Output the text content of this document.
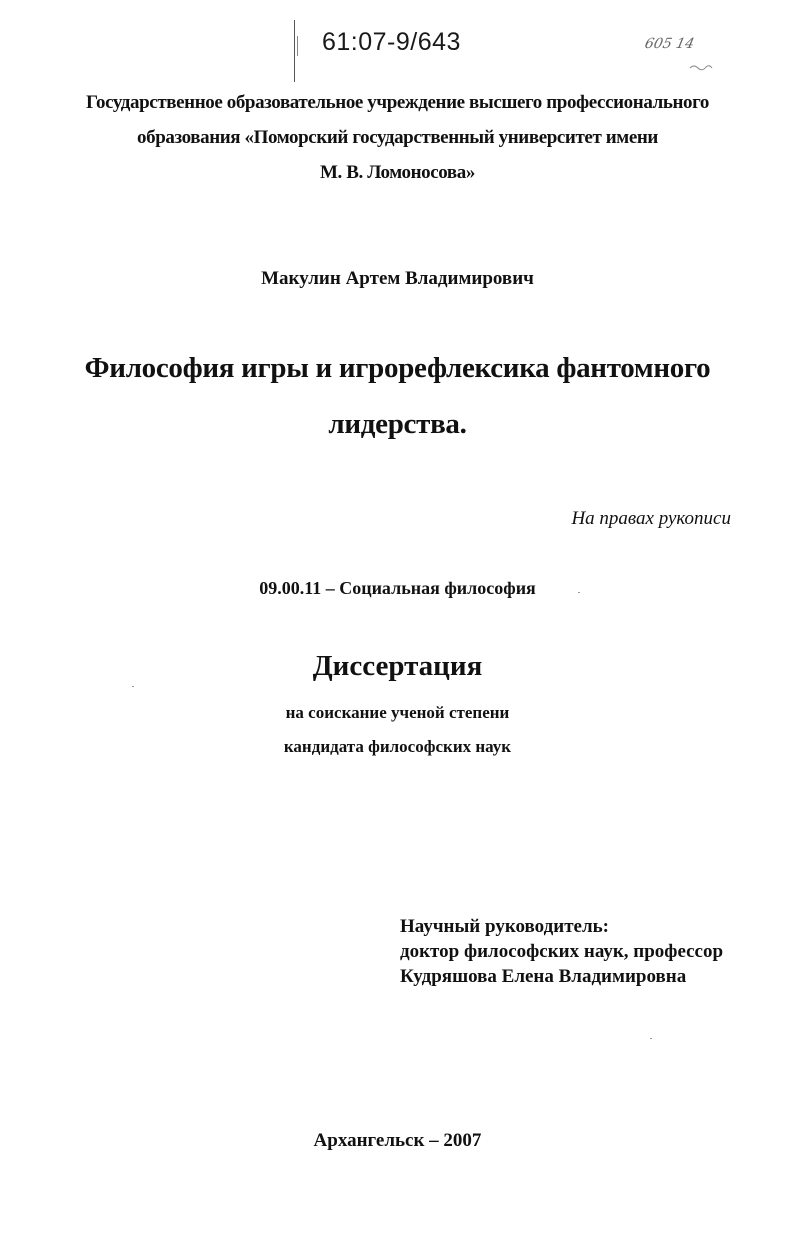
61:07-9/643	605 14
Государственное образовательное учреждение высшего профессионального
образования «Поморский государственный университет имени
М. В. Ломоносова»
Макулин Артем Владимирович
Философия игры и игрорефлексика фантомного
лидерства.
На правах рукописи
09.00.11 – Социальная философия
Диссертация
на соискание ученой степени
кандидата философских наук
Научный руководитель:
доктор философских наук, профессор
Кудряшова Елена Владимировна
Архангельск – 2007
